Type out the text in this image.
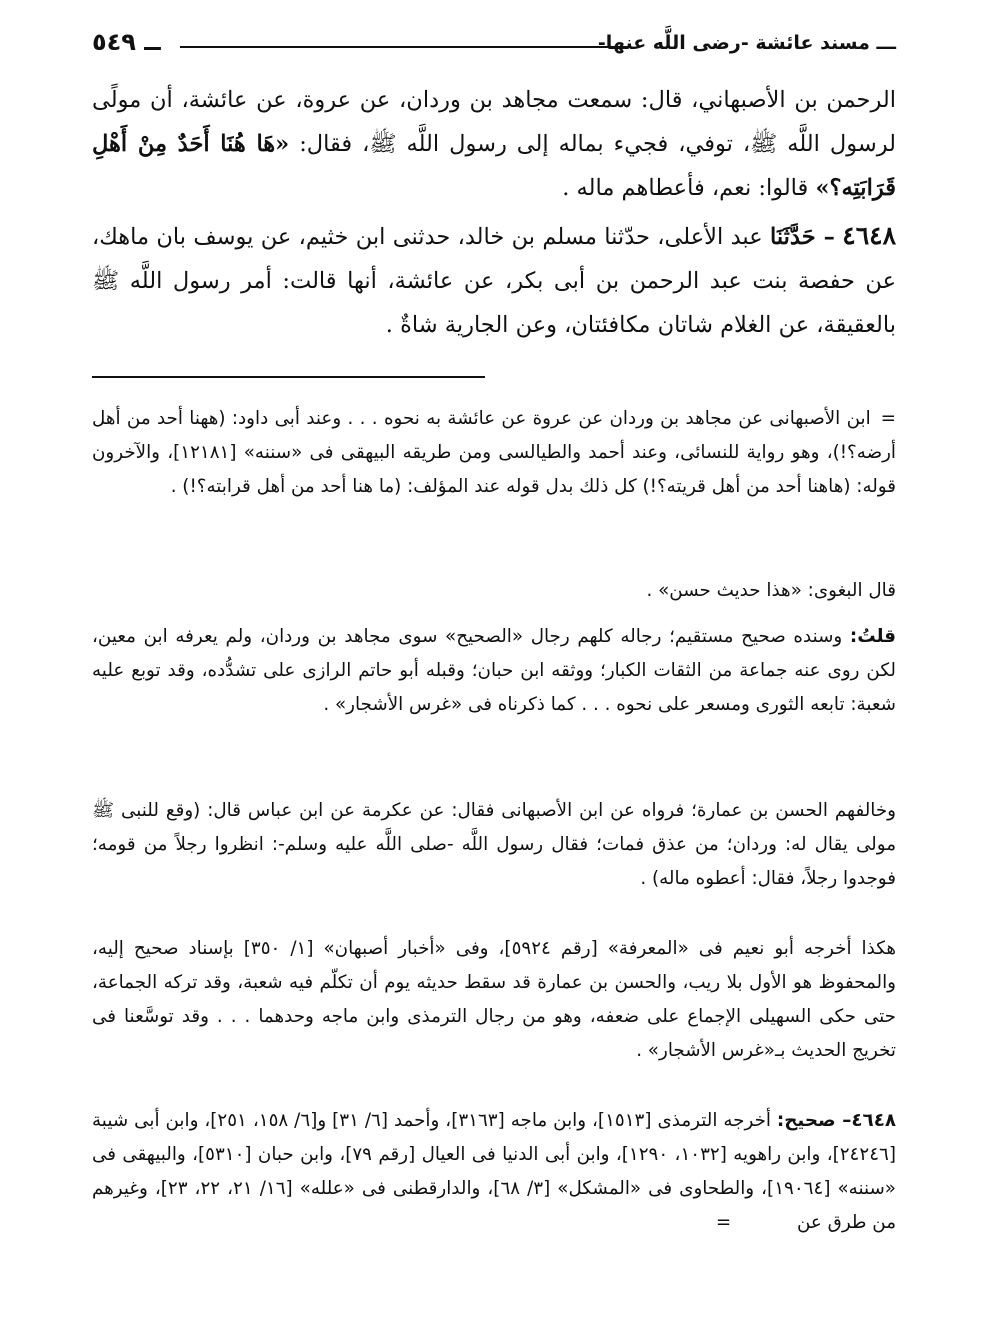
ـــ مسند عائشة -رضى اللَّه عنها-
ــ ٥٤٩

الرحمن بن الأصبهاني، قال: سمعت مجاهد بن وردان، عن عروة، عن عائشة، أن مولًى لرسول اللَّه ﷺ، توفي، فجيء بماله إلى رسول اللَّه ﷺ، فقال: «هَا هُنَا أَحَدٌ مِنْ أَهْلِ قَرَابَتِه؟» قالوا: نعم، فأعطاهم ماله .

٤٦٤٨ – حَدَّثَنَا عبد الأعلى، حدّثنا مسلم بن خالد، حدثنى ابن خثيم، عن يوسف بان ماهك، عن حفصة بنت عبد الرحمن بن أبى بكر، عن عائشة، أنها قالت: أمر رسول اللَّه ﷺ بالعقيقة، عن الغلام شاتان مكافئتان، وعن الجارية شاةٌ .

=ابن الأصبهانى عن مجاهد بن وردان عن عروة عن عائشة به نحوه . . . وعند أبى داود: (ههنا أحد من أهل أرضه؟!)، وهو رواية للنسائى، وعند أحمد والطيالسى ومن طريقه البيهقى فى «سننه» [١٢١٨١]، والآخرون قوله: (هاهنا أحد من أهل قريته؟!) كل ذلك بدل قوله عند المؤلف: (ما هنا أحد من أهل قرابته؟!) .

قال البغوى: «هذا حديث حسن» .

قلتُ: وسنده صحيح مستقيم؛ رجاله كلهم رجال «الصحيح» سوى مجاهد بن وردان، ولم يعرفه ابن معين، لكن روى عنه جماعة من الثقات الكبار؛ ووثقه ابن حبان؛ وقبله أبو حاتم الرازى على تشدُّده، وقد توبع عليه شعبة: تابعه الثورى ومسعر على نحوه . . . كما ذكرناه فى «غرس الأشجار» .

وخالفهم الحسن بن عمارة؛ فرواه عن ابن الأصبهانى فقال: عن عكرمة عن ابن عباس قال: (وقع للنبى ﷺ مولى يقال له: وردان؛ من عذق فمات؛ فقال رسول اللَّه -صلى اللَّه عليه وسلم-: انظروا رجلاً من قومه؛ فوجدوا رجلاً، فقال: أعطوه ماله) .

هكذا أخرجه أبو نعيم فى «المعرفة» [رقم ٥٩٢٤]، وفى «أخبار أصبهان» [١/ ٣٥٠] بإسناد صحيح إليه، والمحفوظ هو الأول بلا ريب، والحسن بن عمارة قد سقط حديثه يوم أن تكلّم فيه شعبة، وقد تركه الجماعة، حتى حكى السهيلى الإجماع على ضعفه، وهو من رجال الترمذى وابن ماجه وحدهما . . . وقد توسَّعنا فى تخريج الحديث بـ«غرس الأشجار» .

٤٦٤٨– صحيح: أخرجه الترمذى [١٥١٣]، وابن ماجه [٣١٦٣]، وأحمد [٦/ ٣١] و[٦/ ١٥٨، ٢٥١]، وابن أبى شيبة [٢٤٢٤٦]، وابن راهويه [١٠٣٢، ١٢٩٠]، وابن أبى الدنيا فى العيال [رقم ٧٩]، وابن حبان [٥٣١٠]، والبيهقى فى «سننه» [١٩٠٦٤]، والطحاوى فى «المشكل» [٣/ ٦٨]، والدارقطنى فى «علله» [١٦/ ٢١، ٢٢، ٢٣]، وغيرهم من طرق عن =
